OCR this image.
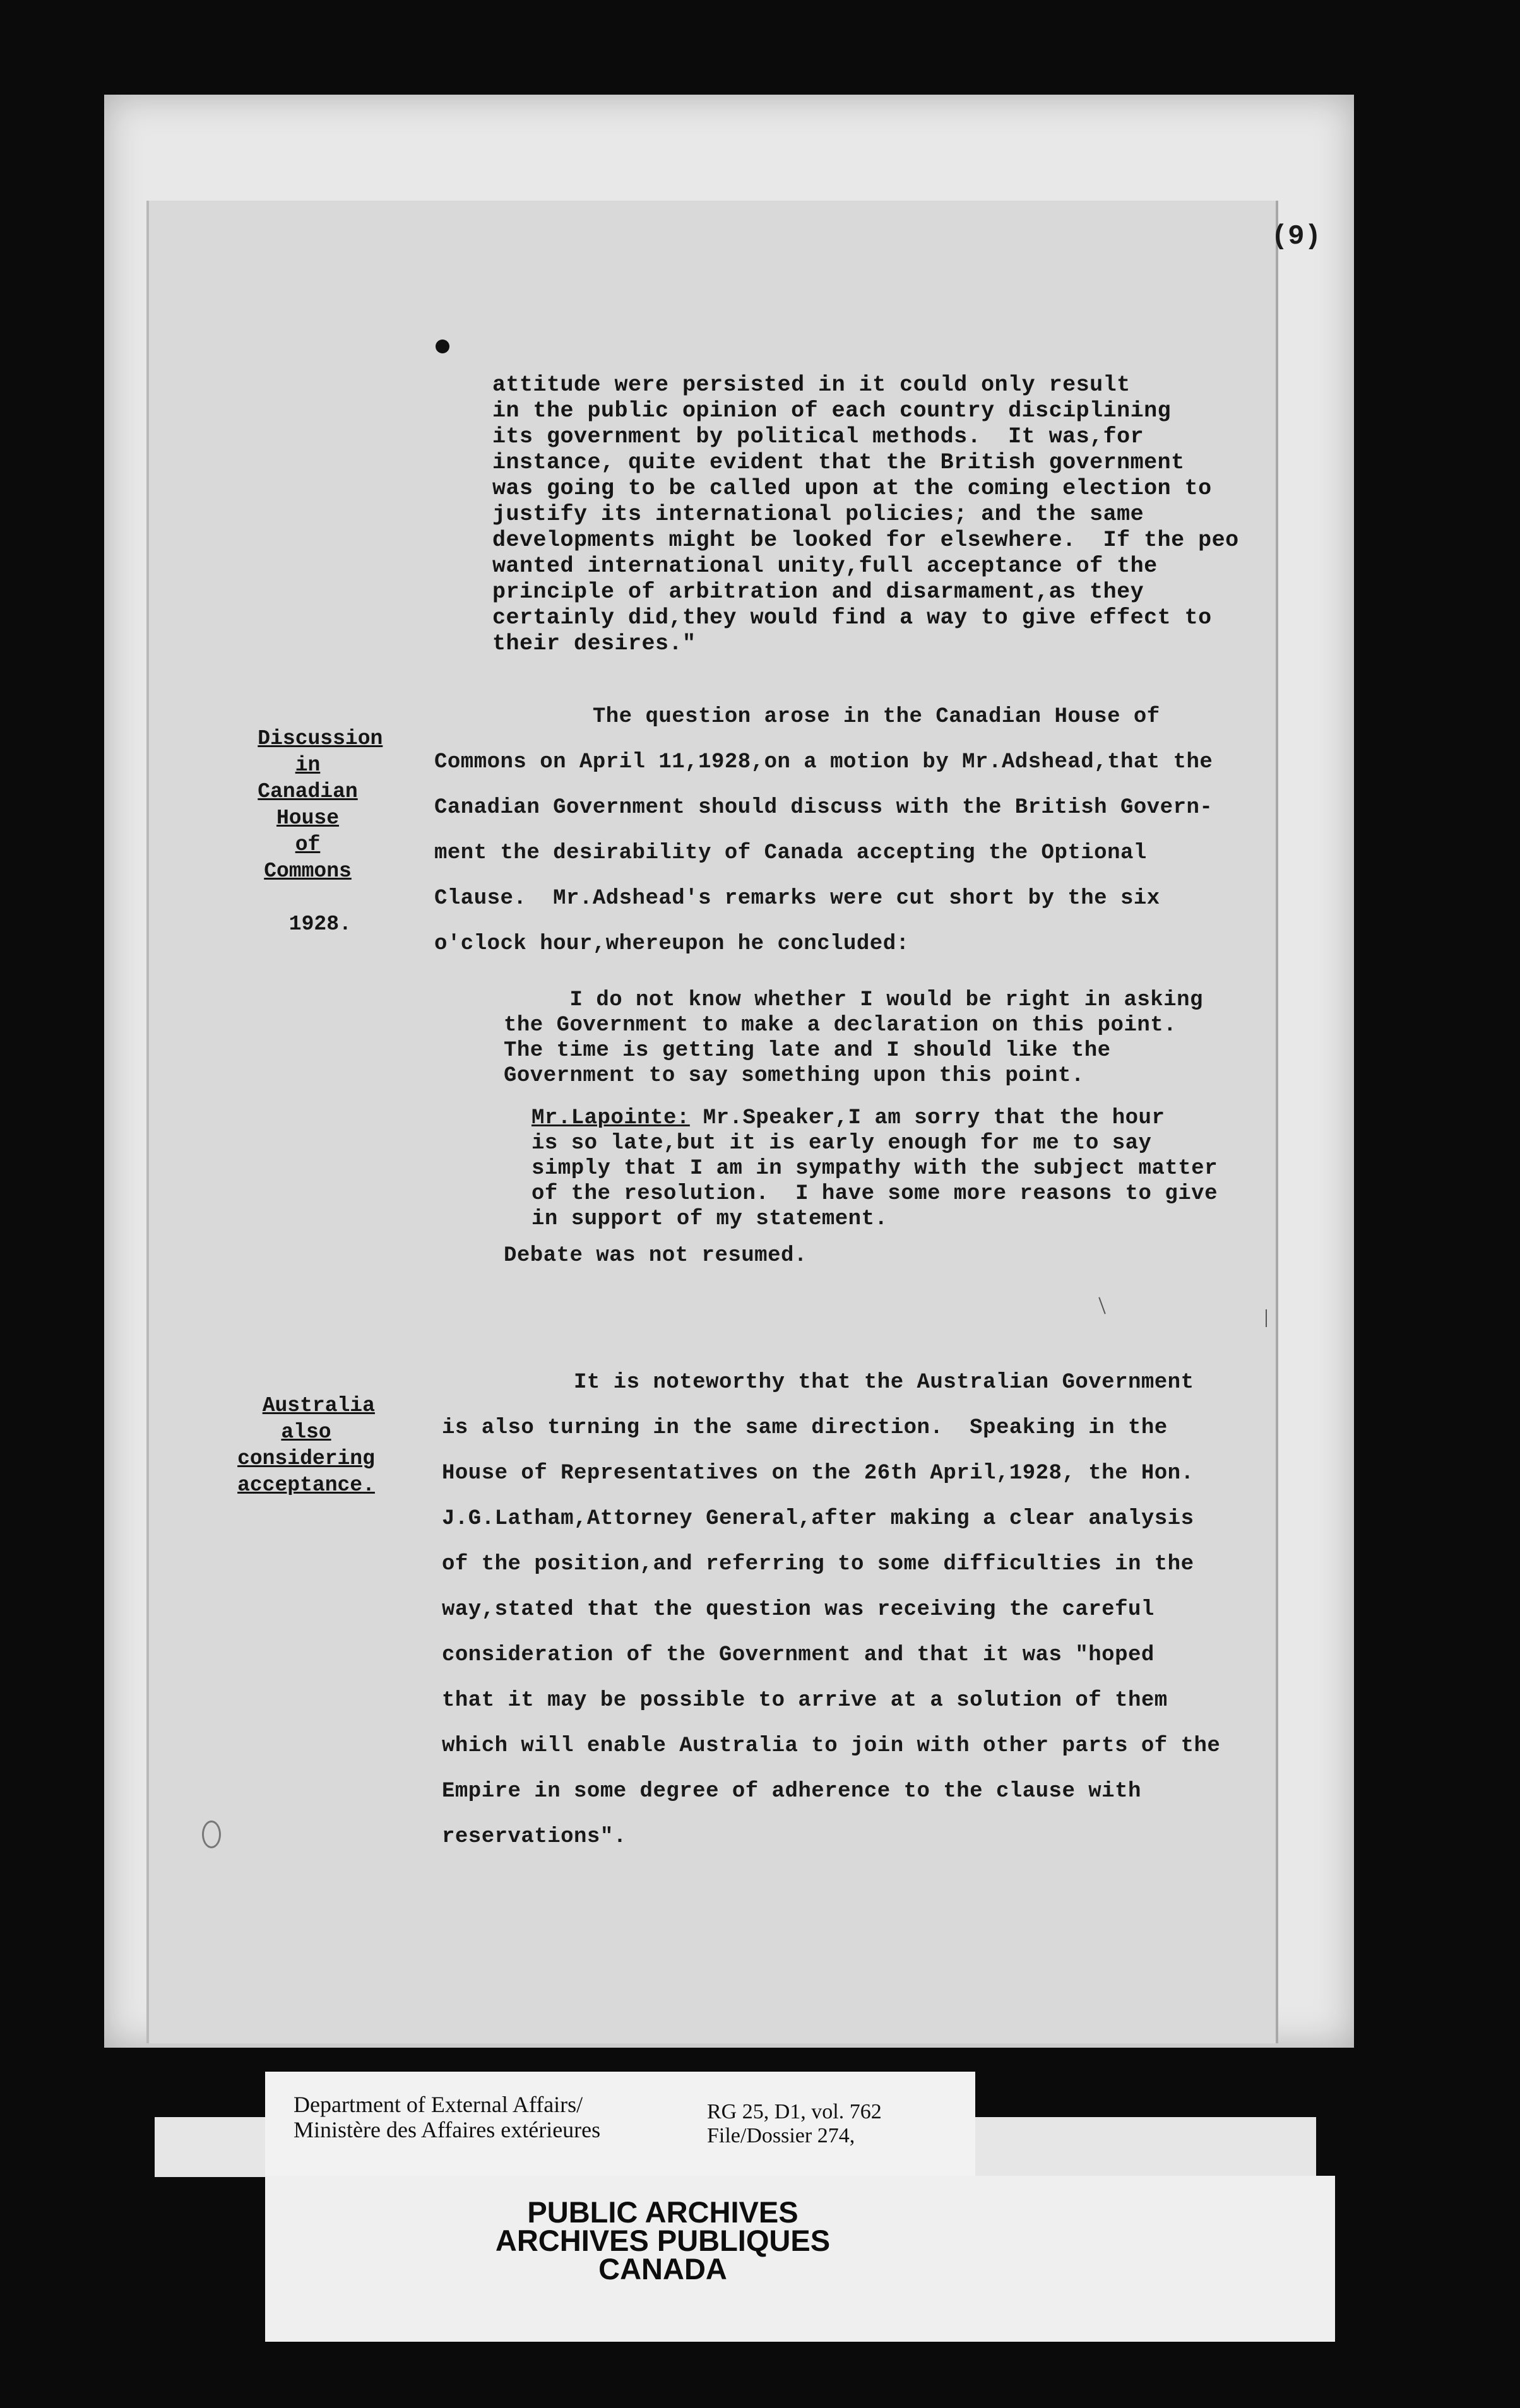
(9)
attitude were persisted in it could only result
in the public opinion of each country disciplining
its government by political methods.  It was,for
instance, quite evident that the British government
was going to be called upon at the coming election to
justify its international policies; and the same
developments might be looked for elsewhere.  If the peo
wanted international unity,full acceptance of the
principle of arbitration and disarmament,as they
certainly did,they would find a way to give effect to
their desires."

Discussion
in
Canadian
House
of
Commons

1928.

The question arose in the Canadian House of
Commons on April 11,1928,on a motion by Mr.Adshead,that the
Canadian Government should discuss with the British Govern-
ment the desirability of Canada accepting the Optional
Clause.  Mr.Adshead's remarks were cut short by the six
o'clock hour,whereupon he concluded:
I do not know whether I would be right in asking
the Government to make a declaration on this point.
The time is getting late and I should like the
Government to say something upon this point.
Mr.Lapointe: Mr.Speaker,I am sorry that the hour
is so late,but it is early enough for me to say
simply that I am in sympathy with the subject matter
of the resolution.  I have some more reasons to give
in support of my statement.
Debate was not resumed.

Australia
also
considering
acceptance.

It is noteworthy that the Australian Government
is also turning in the same direction.  Speaking in the
House of Representatives on the 26th April,1928, the Hon.
J.G.Latham,Attorney General,after making a clear analysis
of the position,and referring to some difficulties in the
way,stated that the question was receiving the careful
consideration of the Government and that it was "hoped
that it may be possible to arrive at a solution of them
which will enable Australia to join with other parts of the
Empire in some degree of adherence to the clause with
reservations".
Department of External Affairs/
Ministère des Affaires extérieures
RG 25, D1, vol. 762
File/Dossier 274,
PUBLIC ARCHIVES
ARCHIVES PUBLIQUES
CANADA
